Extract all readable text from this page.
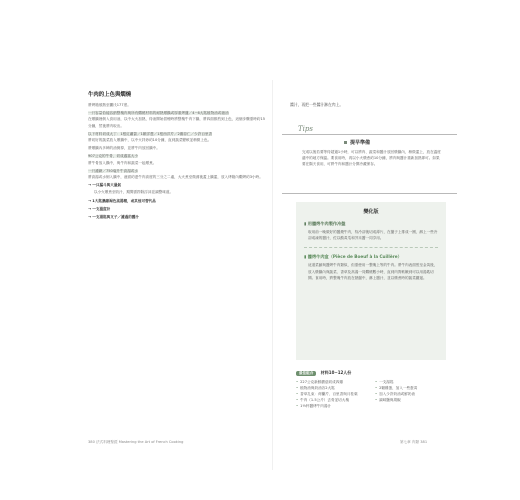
牛肉的上色與燜燒

將烤箱預熱至攝氏177度。

一只容量恰能容納整塊肉與所有燜燒材料的耐熱燉鍋或厚重烤盤／4~6大匙植物油或豬油

在燉鍋裡倒入食用油，以中大火加熱，待油開始冒煙時將整塊牛肉下鍋，將四面都煎到上色，這個步驟需時約15分鐘，然後將肉取出。

以下材料切成大丁：1根紅蘿蔔／1顆洋蔥／1根西洋芹／2瓣蒜仁／少許百里香

將切好的蔬菜放入燉鍋中，以中火拌炒約10分鐘，直到蔬菜變軟並稍微上色。

將燉鍋內多餘的油倒掉，並將牛肉放回鍋中。

907公克的牛骨，切成適當大小

將牛骨放入鍋中，與牛肉和蔬菜一起燉煮。

一只濾網／750毫升牛高湯或水

將高湯或水倒入鍋中，液面約達牛肉高度的三分之二處，大火煮至微沸後蓋上鍋蓋，放入烤箱內燜烤約3小時。

→ 一只漏斗與大量氣

以小火燉煮至收汁，期間需撈除浮沫並調整味道。

→ 1大匙濃縮褐色高湯精，或其他可替代品
→ 一支溫度計
→ 一支湯匙與叉子／濾過的醬汁
醬汁，再把一些醬汁淋在肉上。
Tips
提早準備
完成以後若要等待超過1小時，可以將肉、蔬菜和醬汁放回燉鍋內，稍微蓋上，放在溫度適中的地方保溫。要食用時，再以小火燉煮約10分鐘，將肉與醬汁重新加熱即可。如果要在隔天食用，可將牛肉和醬汁分開冷藏保存。
變化版
▮ 用醬烤牛肉製作冷盤
取用前一晚做好的醬燒牛肉，待冷卻後切成薄片，在盤子上排成一圈，淋上一些冷卻成凍的醬汁，佐以酸黃瓜和芥末醬一同享用。
▮ 醬烤牛肉盒（Pièce de Boeuf à la Cuillère）
這道菜餚與醬烤牛肉類似，但需使用一整塊上等的牛肉。將牛肉表面煎至金黃後，放入燉鍋內與蔬菜、香草及高湯一同燜燒數小時，直到肉質軟嫩到可以用湯匙切開。食用時，將整塊牛肉放在熱盤中，淋上醬汁，並以燉煮時的蔬菜圍邊。
最佳組合 材料10~12人份
• 227公克新鮮蘑菇切成四瓣
• 植物油與奶油各2大匙
• 香草扎束：荷蘭芹、百里香與月桂葉
• 牛肉（1.5公斤）去骨並切大塊
• 1½杯醬烤牛肉湯汁
• 一支湯匙
• 2顆雞蛋，加入一些蛋黃
• 加入少許奶油或鮮奶油
• 調味鹽與胡椒
380 法式料理聖經 Mastering the Art of French Cooking	第七章 肉類 381
